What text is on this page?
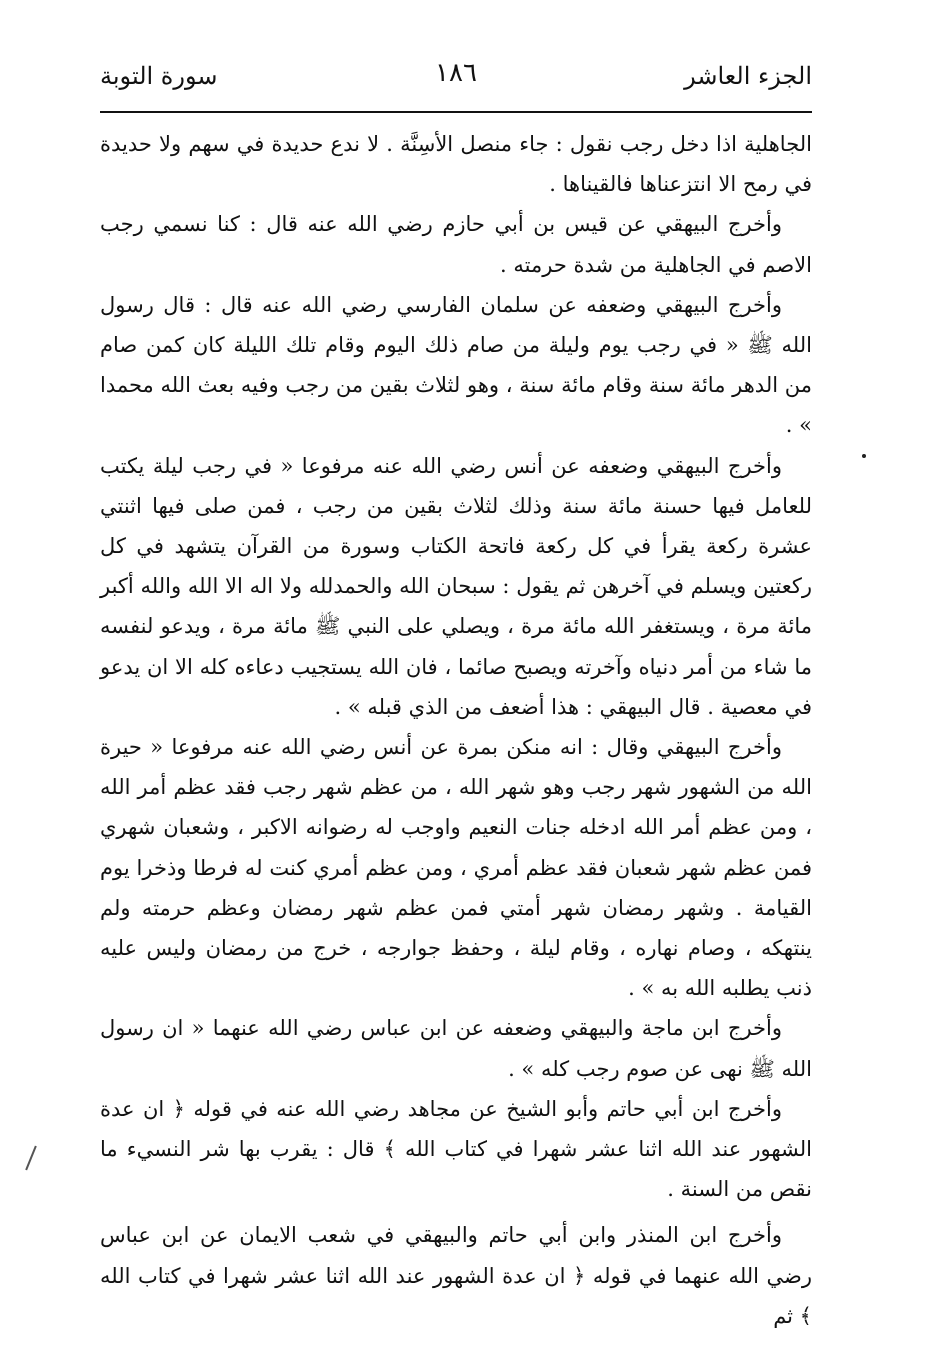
الجزء العاشر
١٨٦
سورة التوبة

الجاهلية اذا دخل رجب نقول : جاء منصل الأسِنَّة . لا ندع حديدة في سهم ولا حديدة في رمح الا انتزعناها فالقيناها .

وأخرج البيهقي عن قيس بن أبي حازم رضي الله عنه قال : كنا نسمي رجب الاصم في الجاهلية من شدة حرمته .

وأخرج البيهقي وضعفه عن سلمان الفارسي رضي الله عنه قال : قال رسول الله ﷺ « في رجب يوم وليلة من صام ذلك اليوم وقام تلك الليلة كان كمن صام من الدهر مائة سنة وقام مائة سنة ، وهو لثلاث بقين من رجب وفيه بعث الله محمدا » .

وأخرج البيهقي وضعفه عن أنس رضي الله عنه مرفوعا « في رجب ليلة يكتب للعامل فيها حسنة مائة سنة وذلك لثلاث بقين من رجب ، فمن صلى فيها اثنتي عشرة ركعة يقرأ في كل ركعة فاتحة الكتاب وسورة من القرآن يتشهد في كل ركعتين ويسلم في آخرهن ثم يقول : سبحان الله والحمدلله ولا اله الا الله والله أكبر مائة مرة ، ويستغفر الله مائة مرة ، ويصلي على النبي ﷺ مائة مرة ، ويدعو لنفسه ما شاء من أمر دنياه وآخرته ويصبح صائما ، فان الله يستجيب دعاءه كله الا ان يدعو في معصية . قال البيهقي : هذا أضعف من الذي قبله » .

وأخرج البيهقي وقال : انه منكن بمرة عن أنس رضي الله عنه مرفوعا « حيرة الله من الشهور شهر رجب وهو شهر الله ، من عظم شهر رجب فقد عظم أمر الله ، ومن عظم أمر الله ادخله جنات النعيم واوجب له رضوانه الاكبر ، وشعبان شهري فمن عظم شهر شعبان فقد عظم أمري ، ومن عظم أمري كنت له فرطا وذخرا يوم القيامة . وشهر رمضان شهر أمتي فمن عظم شهر رمضان وعظم حرمته ولم ينتهكه ، وصام نهاره ، وقام ليلة ، وحفظ جوارجه ، خرج من رمضان وليس عليه ذنب يطلبه الله به » .

وأخرج ابن ماجة والبيهقي وضعفه عن ابن عباس رضي الله عنهما « ان رسول الله ﷺ نهى عن صوم رجب كله » .

وأخرج ابن أبي حاتم وأبو الشيخ عن مجاهد رضي الله عنه في قوله ﴿ ان عدة الشهور عند الله اثنا عشر شهرا في كتاب الله ﴾ قال : يقرب بها شر النسيء ما نقص من السنة .

وأخرج ابن المنذر وابن أبي حاتم والبيهقي في شعب الايمان عن ابن عباس رضي الله عنهما في قوله ﴿ ان عدة الشهور عند الله اثنا عشر شهرا في كتاب الله ﴾ ثم
